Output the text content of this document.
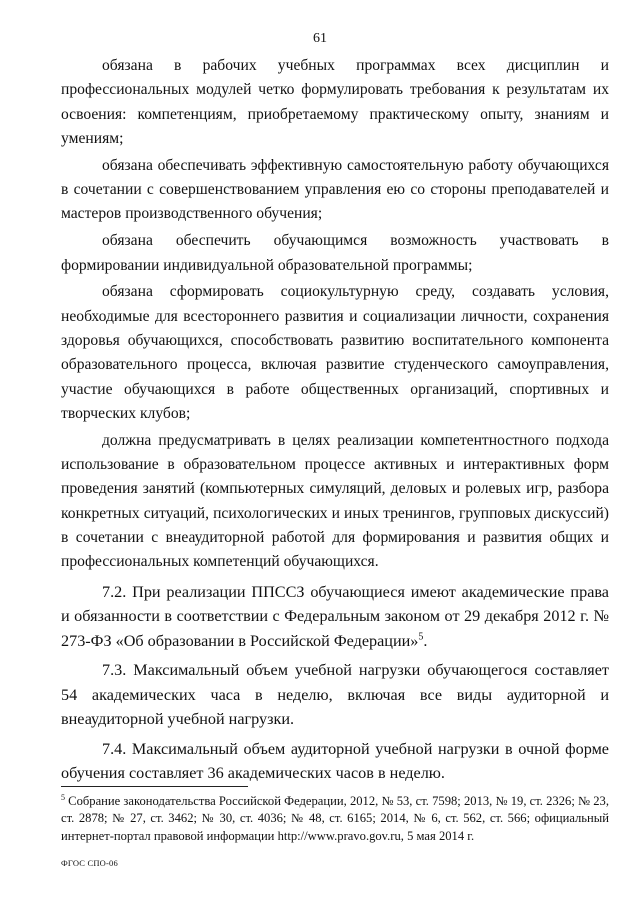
61

обязана в рабочих учебных программах всех дисциплин и профессиональных модулей четко формулировать требования к результатам их освоения: компетенциям, приобретаемому практическому опыту, знаниям и умениям;

обязана обеспечивать эффективную самостоятельную работу обучающихся в сочетании с совершенствованием управления ею со стороны преподавателей и мастеров производственного обучения;

обязана обеспечить обучающимся возможность участвовать в формировании индивидуальной образовательной программы;

обязана сформировать социокультурную среду, создавать условия, необходимые для всестороннего развития и социализации личности, сохранения здоровья обучающихся, способствовать развитию воспитательного компонента образовательного процесса, включая развитие студенческого самоуправления, участие обучающихся в работе общественных организаций, спортивных и творческих клубов;

должна предусматривать в целях реализации компетентностного подхода использование в образовательном процессе активных и интерактивных форм проведения занятий (компьютерных симуляций, деловых и ролевых игр, разбора конкретных ситуаций, психологических и иных тренингов, групповых дискуссий) в сочетании с внеаудиторной работой для формирования и развития общих и профессиональных компетенций обучающихся.

7.2. При реализации ППССЗ обучающиеся имеют академические права и обязанности в соответствии с Федеральным законом от 29 декабря 2012 г. № 273-ФЗ «Об образовании в Российской Федерации»$^5$.

7.3. Максимальный объем учебной нагрузки обучающегося составляет 54 академических часа в неделю, включая все виды аудиторной и внеаудиторной учебной нагрузки.

7.4. Максимальный объем аудиторной учебной нагрузки в очной форме обучения составляет 36 академических часов в неделю.

$^5$ Собрание законодательства Российской Федерации, 2012, № 53, ст. 7598; 2013, № 19, ст. 2326; № 23, ст. 2878; № 27, ст. 3462; № 30, ст. 4036; № 48, ст. 6165; 2014, № 6, ст. 562, ст. 566; официальный интернет-портал правовой информации http://www.pravo.gov.ru, 5 мая 2014 г.

ФГОС СПО-06
